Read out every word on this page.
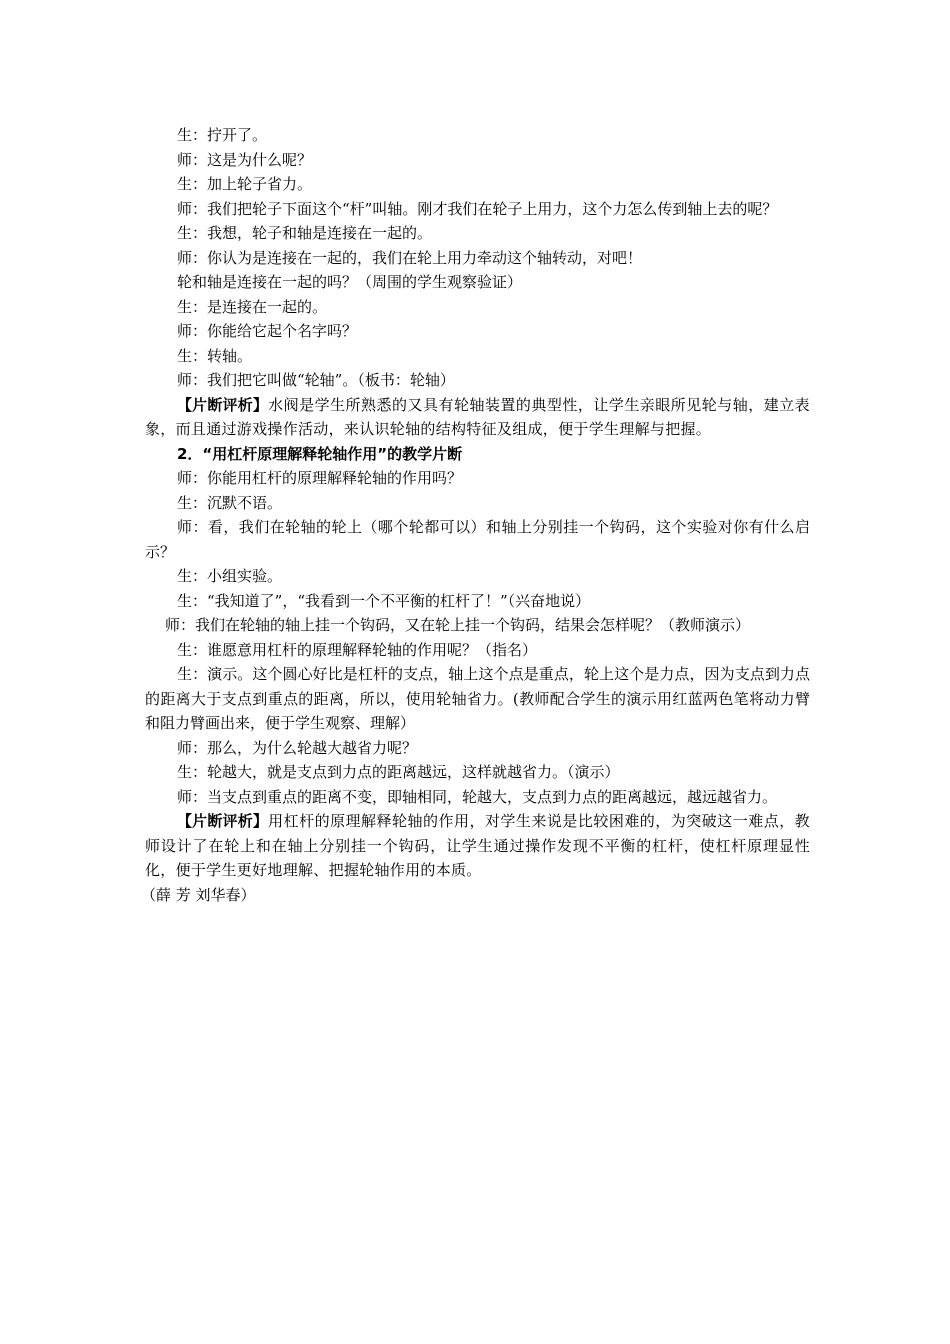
生：拧开了。

师：这是为什么呢？

生：加上轮子省力。

师：我们把轮子下面这个“杆”叫轴。刚才我们在轮子上用力，这个力怎么传到轴上去的呢？

生：我想，轮子和轴是连接在一起的。

师：你认为是连接在一起的，我们在轮上用力牵动这个轴转动，对吧！

轮和轴是连接在一起的吗？（周围的学生观察验证）

生：是连接在一起的。

师：你能给它起个名字吗？

生：转轴。

师：我们把它叫做“轮轴”。（板书：轮轴）

【片断评析】水阀是学生所熟悉的又具有轮轴装置的典型性，让学生亲眼所见轮与轴，建立表象，而且通过游戏操作活动，来认识轮轴的结构特征及组成，便于学生理解与把握。

2．“用杠杆原理解释轮轴作用”的教学片断

师：你能用杠杆的原理解释轮轴的作用吗？

生：沉默不语。

师：看，我们在轮轴的轮上（哪个轮都可以）和轴上分别挂一个钩码，这个实验对你有什么启示？

生：小组实验。

生：“我知道了”，“我看到一个不平衡的杠杆了！”（兴奋地说）

师：我们在轮轴的轴上挂一个钩码，又在轮上挂一个钩码，结果会怎样呢？（教师演示）

生：谁愿意用杠杆的原理解释轮轴的作用呢？（指名）

生：演示。这个圆心好比是杠杆的支点，轴上这个点是重点，轮上这个是力点，因为支点到力点的距离大于支点到重点的距离，所以，使用轮轴省力。(教师配合学生的演示用红蓝两色笔将动力臂和阻力臂画出来，便于学生观察、理解）

师：那么，为什么轮越大越省力呢？

生：轮越大，就是支点到力点的距离越远，这样就越省力。（演示）

师：当支点到重点的距离不变，即轴相同，轮越大，支点到力点的距离越远，越远越省力。

【片断评析】用杠杆的原理解释轮轴的作用，对学生来说是比较困难的，为突破这一难点，教师设计了在轮上和在轴上分别挂一个钩码，让学生通过操作发现不平衡的杠杆，使杠杆原理显性化，便于学生更好地理解、把握轮轴作用的本质。

（薛 芳 刘华春）
